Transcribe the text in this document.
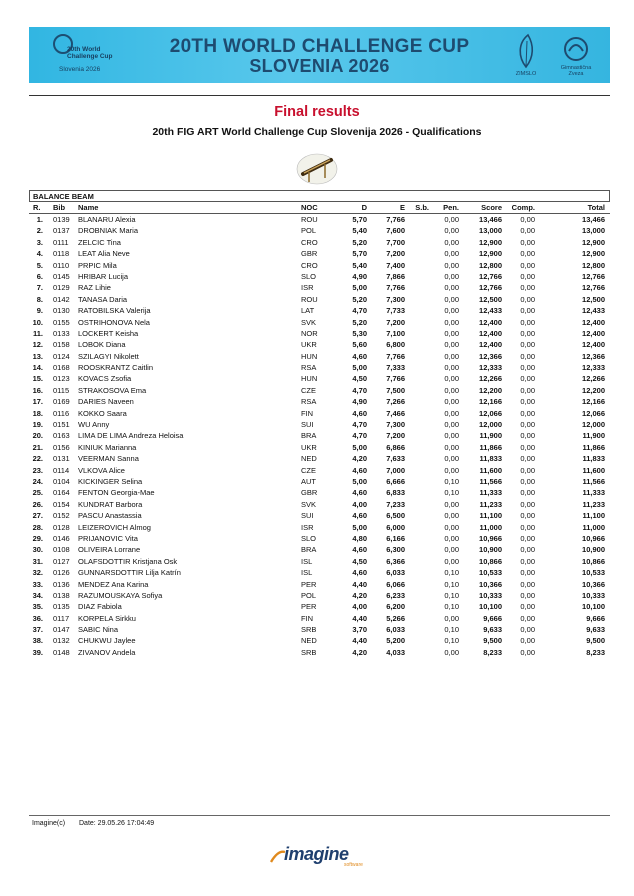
20th World
Challenge Cup
Slovenia 2026
20TH WORLD CHALLENGE CUP
SLOVENIA 2026	ZIMSLO
Gimnastična Zveza
Final results
20th FIG ART World Challenge Cup Slovenija 2026 - Qualifications
BALANCE BEAM
R.	Bib Name	NOC	D	E	S.b.	Pen.	Score	Comp.	Total
1. 0139 BLANARU Alexia	ROU	5,70	7,766	0,00	13,466	0,00	13,466
2. 0137 DROBNIAK Maria	POL	5,40	7,600	0,00	13,000	0,00	13,000
3. 0111 ZELCIC Tina	CRO	5,20	7,700	0,00	12,900	0,00	12,900
4. 0118 LEAT Alia Neve	GBR	5,70	7,200	0,00	12,900	0,00	12,900
5. 0110 PRPIC Mila	CRO	5,40	7,400	0,00	12,800	0,00	12,800
6. 0145 HRIBAR Lucija	SLO	4,90	7,866	0,00	12,766	0,00	12,766
7. 0129 RAZ Lihie	ISR	5,00	7,766	0,00	12,766	0,00	12,766
8. 0142 TANASA Daria	ROU	5,20	7,300	0,00	12,500	0,00	12,500
9. 0130 RATOBILSKA Valerija	LAT	4,70	7,733	0,00	12,433	0,00	12,433
10. 0155 OSTRIHONOVA Nela	SVK	5,20	7,200	0,00	12,400	0,00	12,400
11. 0133 LOCKERT Keisha	NOR	5,30	7,100	0,00	12,400	0,00	12,400
12. 0158 LOBOK Diana	UKR	5,60	6,800	0,00	12,400	0,00	12,400
13. 0124 SZILAGYI Nikolett	HUN	4,60	7,766	0,00	12,366	0,00	12,366
14. 0168 ROOSKRANTZ Caitlin	RSA	5,00	7,333	0,00	12,333	0,00	12,333
15. 0123 KOVACS Zsofia	HUN	4,50	7,766	0,00	12,266	0,00	12,266
16. 0115 STRAKOSOVA Ema	CZE	4,70	7,500	0,00	12,200	0,00	12,200
17. 0169 DARIES Naveen	RSA	4,90	7,266	0,00	12,166	0,00	12,166
18. 0116 KOKKO Saara	FIN	4,60	7,466	0,00	12,066	0,00	12,066
19. 0151 WU Anny	SUI	4,70	7,300	0,00	12,000	0,00	12,000
20. 0163 LIMA DE LIMA Andreza Heloisa	BRA	4,70	7,200	0,00	11,900	0,00	11,900
21. 0156 KINIUK Marianna	UKR	5,00	6,866	0,00	11,866	0,00	11,866
22. 0131 VEERMAN Sanna	NED	4,20	7,633	0,00	11,833	0,00	11,833
23. 0114 VLKOVA Alice	CZE	4,60	7,000	0,00	11,600	0,00	11,600
24. 0104 KICKINGER Selina	AUT	5,00	6,666	0,10	11,566	0,00	11,566
25. 0164 FENTON Georgia-Mae	GBR	4,60	6,833	0,10	11,333	0,00	11,333
26. 0154 KUNDRAT Barbora	SVK	4,00	7,233	0,00	11,233	0,00	11,233
27. 0152 PASCU Anastassia	SUI	4,60	6,500	0,00	11,100	0,00	11,100
28. 0128 LEIZEROVICH Almog	ISR	5,00	6,000	0,00	11,000	0,00	11,000
29. 0146 PRIJANOVIC Vita	SLO	4,80	6,166	0,00	10,966	0,00	10,966
30. 0108 OLIVEIRA Lorrane	BRA	4,60	6,300	0,00	10,900	0,00	10,900
31. 0127 OLAFSDOTTIR Kristjana Osk	ISL	4,50	6,366	0,00	10,866	0,00	10,866
32. 0126 GUNNARSDOTTIR Lilja Katrín	ISL	4,60	6,033	0,10	10,533	0,00	10,533
33. 0136 MENDEZ Ana Karina	PER	4,40	6,066	0,10	10,366	0,00	10,366
34. 0138 RAZUMOUSKAYA Sofiya	POL	4,20	6,233	0,10	10,333	0,00	10,333
35. 0135 DIAZ Fabiola	PER	4,00	6,200	0,10	10,100	0,00	10,100
36. 0117 KORPELA Sirkku	FIN	4,40	5,266	0,00	9,666	0,00	9,666
37. 0147 SABIC Nina	SRB	3,70	6,033	0,10	9,633	0,00	9,633
38. 0132 CHUKWU Jaylee	NED	4,40	5,200	0,10	9,500	0,00	9,500
39. 0148 ZIVANOV Andela	SRB	4,20	4,033	0,00	8,233	0,00	8,233
Imagine(c) Date: 29.05.26 17:04:49
imagine
software
